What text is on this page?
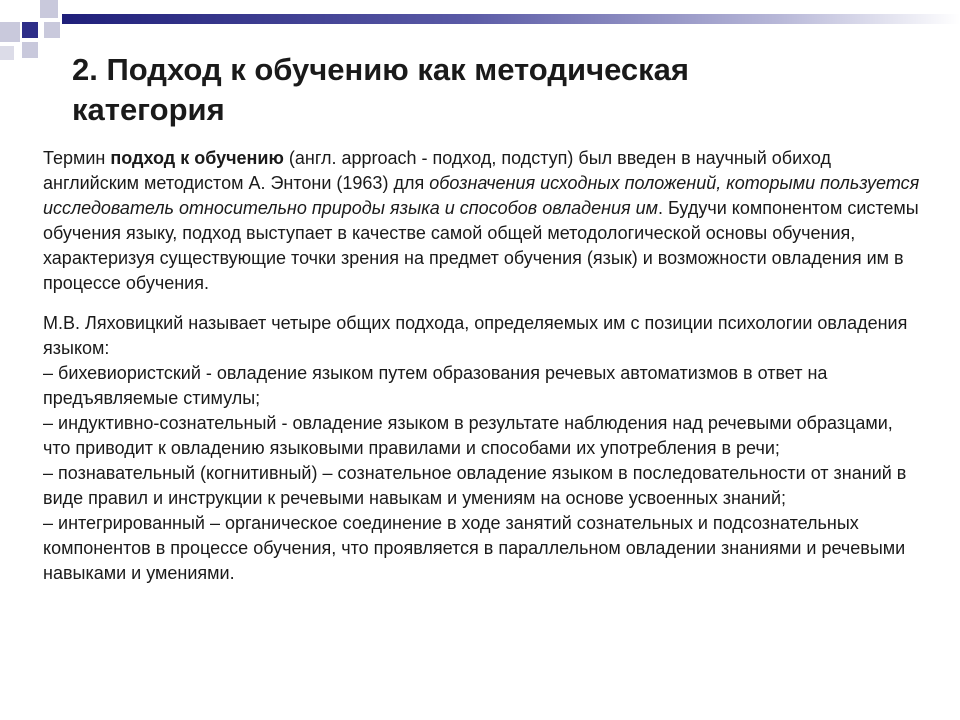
2. Подход к обучению как методическая
категория

Термин подход к обучению (англ. approach - подход, подступ) был введен в научный обиход английским методистом А. Энтони (1963) для обозначения исходных положений, которыми пользуется исследователь относительно природы языка и способов овладения им. Будучи компонентом системы обучения языку, подход выступает в качестве самой общей методологической основы обучения, характеризуя существующие точки зрения на предмет обучения (язык) и возможности овладения им в процессе обучения.

М.В. Ляховицкий называет четыре общих подхода, определяемых им с позиции психологии овладения языком:
– бихевиористский - овладение языком путем образования речевых автоматизмов в ответ на предъявляемые стимулы;
– индуктивно-сознательный - овладение языком в результате наблюдения над речевыми образцами, что приводит к овладению языковыми правилами и способами их употребления в речи;
– познавательный (когнитивный) – сознательное овладение языком в последовательности от знаний в виде правил и инструкции к речевыми навыкам и умениям на основе усвоенных знаний;
– интегрированный – органическое соединение в ходе занятий сознательных и подсознательных компонентов в процессе обучения, что проявляется в параллельном овладении знаниями и речевыми навыками и умениями.
